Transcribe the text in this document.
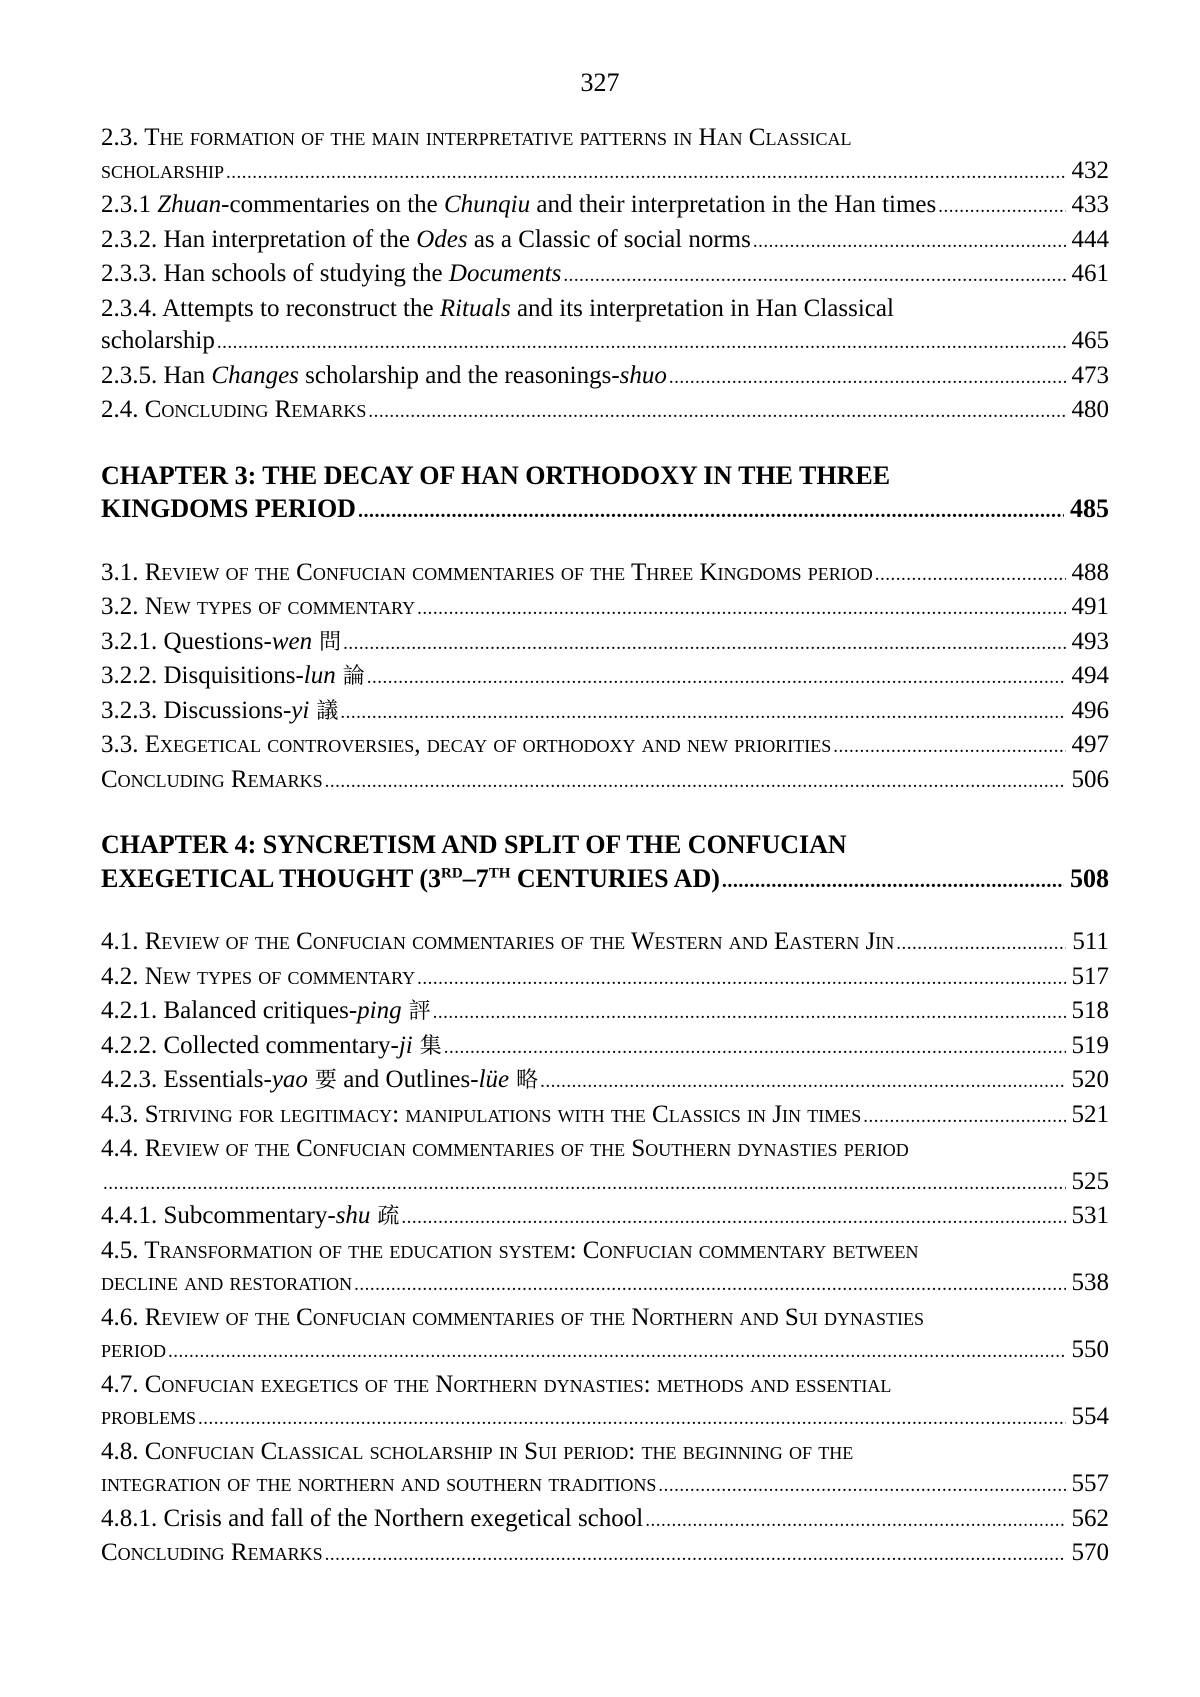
327
2.3. The formation of the main interpretative patterns in Han Classical
scholarship .....	432
2.3.1 Zhuan-commentaries on the Chunqiu and their interpretation in the Han times .....	433
2.3.2. Han interpretation of the Odes as a Classic of social norms .....	444
2.3.3. Han schools of studying the Documents .....	461
2.3.4. Attempts to reconstruct the Rituals and its interpretation in Han Classical
scholarship .....	465
2.3.5. Han Changes scholarship and the reasonings-shuo .....	473
2.4. Concluding Remarks .....	480
CHAPTER 3: THE DECAY OF HAN ORTHODOXY IN THE THREE
KINGDOMS PERIOD .....	485
3.1. Review of the Confucian commentaries of the Three Kingdoms period .....	488
3.2. New types of commentary .....	491
3.2.1. Questions-wen 問 .....	493
3.2.2. Disquisitions-lun 論 .....	494
3.2.3. Discussions-yi 議 .....	496
3.3. Exegetical controversies, decay of orthodoxy and new priorities .....	497
Concluding Remarks .....	506
CHAPTER 4: SYNCRETISM AND SPLIT OF THE CONFUCIAN
EXEGETICAL THOUGHT (3RD–7TH CENTURIES AD) .....	508
4.1. Review of the Confucian commentaries of the Western and Eastern Jin .....	511
4.2. New types of commentary .....	517
4.2.1. Balanced critiques-ping 評 .....	518
4.2.2. Collected commentary-ji 集 .....	519
4.2.3. Essentials-yao 要 and Outlines-lüe 略 .....	520
4.3. Striving for legitimacy: manipulations with the Classics in Jin times .....	521
4.4. Review of the Confucian commentaries of the Southern dynasties period
.....
525
4.4.1. Subcommentary-shu 疏 .....	531
4.5. Transformation of the education system: Confucian commentary between
decline and restoration .....	538
4.6. Review of the Confucian commentaries of the Northern and Sui dynasties
period .....	550
4.7. Confucian exegetics of the Northern dynasties: methods and essential
problems .....	554
4.8. Confucian Classical scholarship in Sui period: the beginning of the
integration of the northern and southern traditions .....	557
4.8.1. Crisis and fall of the Northern exegetical school .....	562
Concluding Remarks .....	570
